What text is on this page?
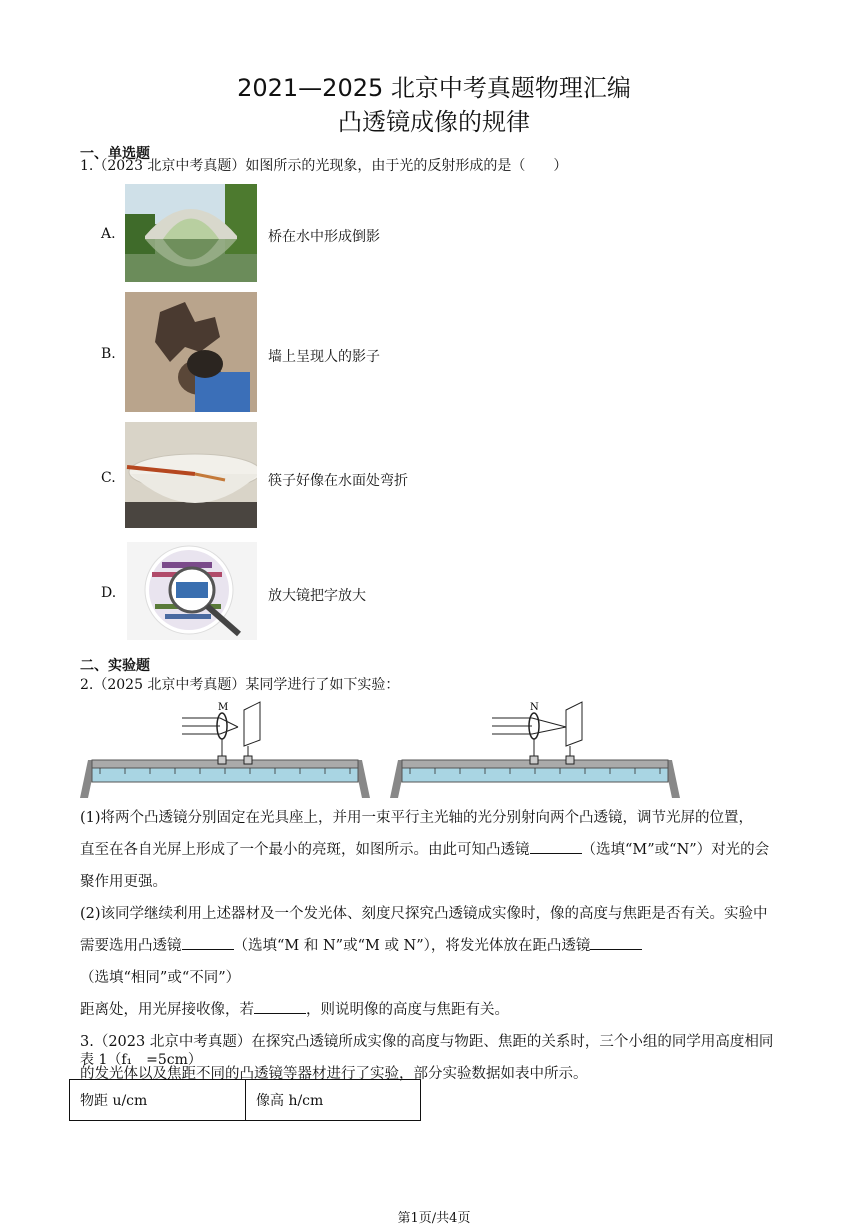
2021—2025 北京中考真题物理汇编
凸透镜成像的规律
一、单选题
1.（2023 北京中考真题）如图所示的光现象，由于光的反射形成的是（　　）
A.	桥在水中形成倒影
B.	墙上呈现人的影子
C.	筷子好像在水面处弯折
D.	放大镜把字放大
二、实验题
2.（2025 北京中考真题）某同学进行了如下实验：
M	N
(1)将两个凸透镜分别固定在光具座上，并用一束平行主光轴的光分别射向两个凸透镜，调节光屏的位置，
直至在各自光屏上形成了一个最小的亮斑，如图所示。由此可知凸透镜	（选填“M”或“N”）对光的会
聚作用更强。
(2)该同学继续利用上述器材及一个发光体、刻度尺探究凸透镜成实像时，像的高度与焦距是否有关。实验中
需要选用凸透镜	（选填“M 和 N”或“M 或 N”），将发光体放在距凸透镜（选填“相同”或“不同”）
距离处，用光屏接收像，若	，则说明像的高度与焦距有关。
3.（2023 北京中考真题）在探究凸透镜所成实像的高度与物距、焦距的关系时，三个小组的同学用高度相同
的发光体以及焦距不同的凸透镜等器材进行了实验，部分实验数据如表中所示。
表 1（f₁　=5cm）
物距 u/cm	像高 h/cm
第1页/共4页
